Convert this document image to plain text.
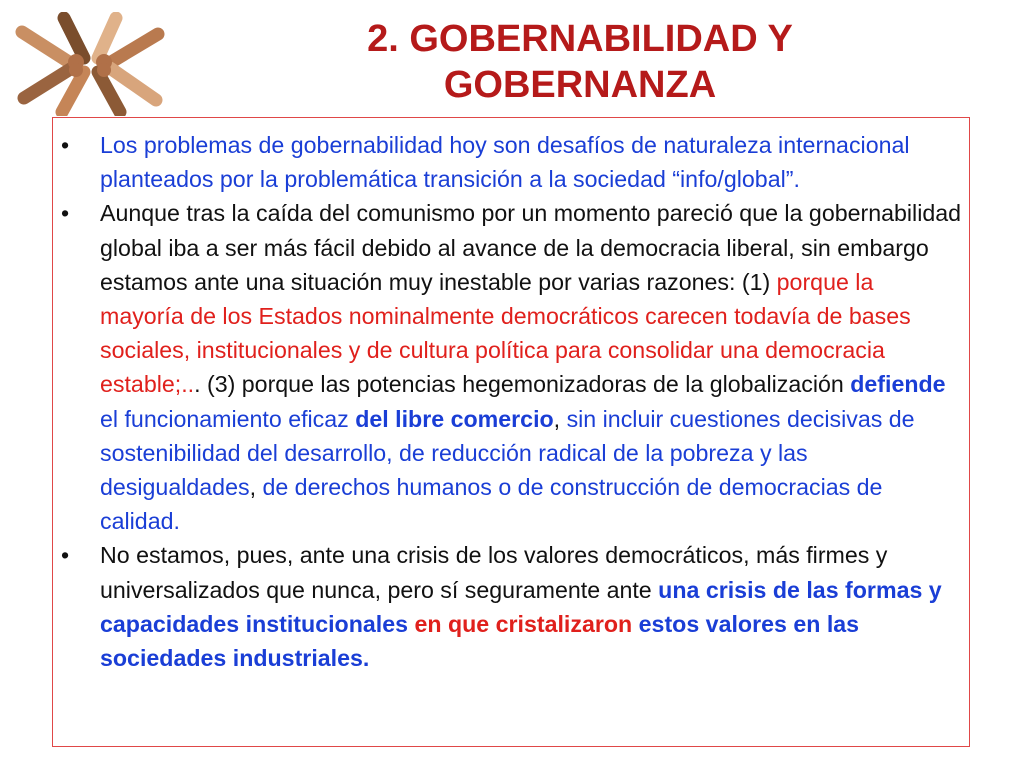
2. GOBERNABILIDAD Y
GOBERNANZA
• Los problemas de gobernabilidad hoy son desafíos de naturaleza internacional planteados por la problemática transición a la sociedad “info/global”.
• Aunque tras la caída del comunismo por un momento pareció que la gobernabilidad global iba a ser más fácil debido al avance de la democracia liberal, sin embargo estamos ante una situación muy inestable por varias razones: (1) porque la mayoría de los Estados nominalmente democráticos carecen todavía de bases sociales, institucionales y de cultura política para consolidar una democracia estable;... (3) porque las potencias hegemonizadoras de la globalización defiende el funcionamiento eficaz del libre comercio, sin incluir cuestiones decisivas de sostenibilidad del desarrollo, de reducción radical de la pobreza y las desigualdades, de derechos humanos o de construcción de democracias de calidad.
• No estamos, pues, ante una crisis de los valores democráticos, más firmes y universalizados que nunca, pero sí seguramente ante una crisis de las formas y capacidades institucionales en que cristalizaron estos valores en las sociedades industriales.
